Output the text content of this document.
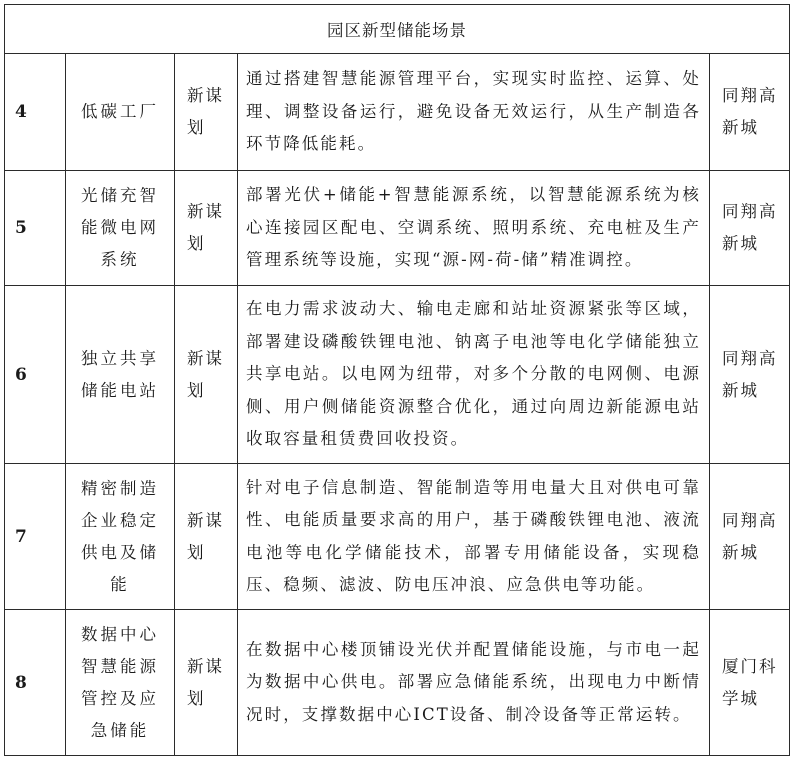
园区新型储能场景				
4	低碳工厂	新谋划	通过搭建智慧能源管理平台，实现实时监控、运算、处理、调整设备运行，避免设备无效运行，从生产制造各环节降低能耗。	同翔高新城
5	光储充智能微电网系统	新谋划	部署光伏+储能+智慧能源系统，以智慧能源系统为核心连接园区配电、空调系统、照明系统、充电桩及生产管理系统等设施，实现“源-网-荷-储”精准调控。	同翔高新城
6	独立共享储能电站	新谋划	在电力需求波动大、输电走廊和站址资源紧张等区域，部署建设磷酸铁锂电池、钠离子电池等电化学储能独立共享电站。以电网为纽带，对多个分散的电网侧、电源侧、用户侧储能资源整合优化，通过向周边新能源电站收取容量租赁费回收投资。	同翔高新城
7	精密制造企业稳定供电及储能	新谋划	针对电子信息制造、智能制造等用电量大且对供电可靠性、电能质量要求高的用户，基于磷酸铁锂电池、液流电池等电化学储能技术，部署专用储能设备，实现稳压、稳频、滤波、防电压冲浪、应急供电等功能。	同翔高新城
8	数据中心智慧能源管控及应急储能	新谋划	在数据中心楼顶铺设光伏并配置储能设施，与市电一起为数据中心供电。部署应急储能系统，出现电力中断情况时，支撑数据中心ICT设备、制冷设备等正常运转。	厦门科学城
